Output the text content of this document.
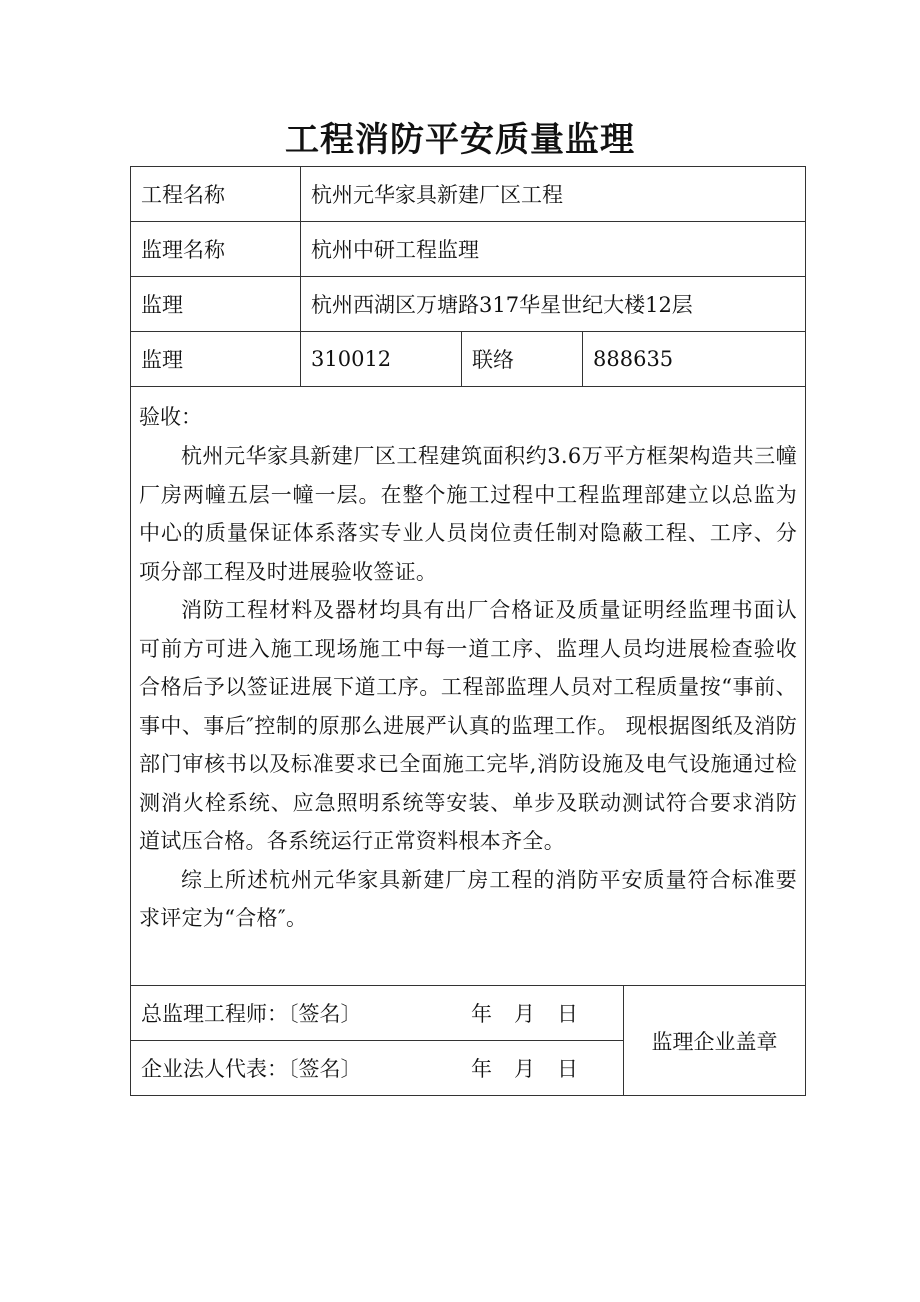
工程消防平安质量监理
工程名称	杭州元华家具新建厂区工程			
监理名称	杭州中研工程监理			
监理	杭州西湖区万塘路317华星世纪大楼12层			
监理	310012	联络	888635	

验收：

杭州元华家具新建厂区工程建筑面积约3.6万平方框架构造共三幢厂房两幢五层一幢一层。在整个施工过程中工程监理部建立以总监为中心的质量保证体系落实专业人员岗位责任制对隐蔽工程、工序、分项分部工程及时进展验收签证。

消防工程材料及器材均具有出厂合格证及质量证明经监理书面认可前方可进入施工现场施工中每一道工序、监理人员均进展检查验收合格后予以签证进展下道工序。工程部监理人员对工程质量按“事前、事中、事后″控制的原那么进展严认真的监理工作。 现根据图纸及消防部门审核书以及标准要求已全面施工完毕,消防设施及电气设施通过检测消火栓系统、应急照明系统等安装、单步及联动测试符合要求消防道试压合格。各系统运行正常资料根本齐全。

综上所述杭州元华家具新建厂房工程的消防平安质量符合标准要求评定为“合格″。				

总监理工程师：〔签名〕 年 月 日				监理企业盖章
企业法人代表：〔签名〕 年 月 日				
